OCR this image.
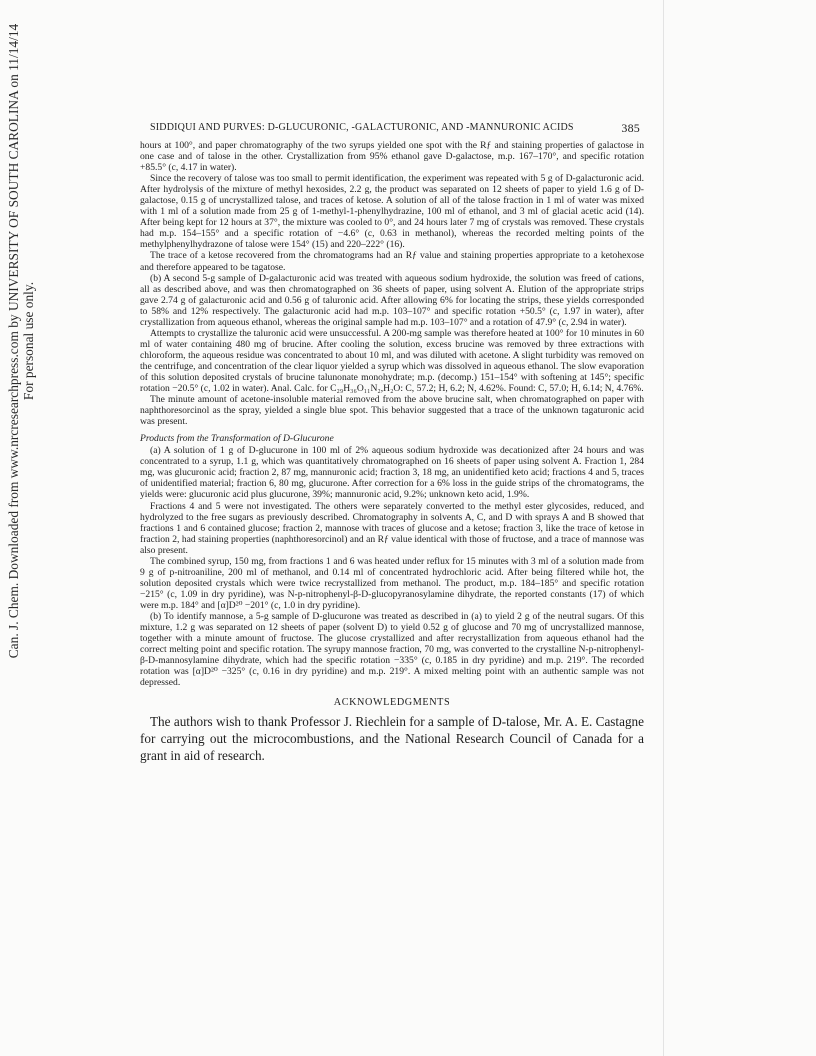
Can. J. Chem. Downloaded from www.nrcresearchpress.com by UNIVERSITY OF SOUTH CAROLINA on 11/14/14 For personal use only.
SIDDIQUI AND PURVES: D-GLUCURONIC, -GALACTURONIC, AND -MANNURONIC ACIDS	385

hours at 100°, and paper chromatography of the two syrups yielded one spot with the Rƒ and staining properties of galactose in one case and of talose in the other. Crystallization from 95% ethanol gave D-galactose, m.p. 167–170°, and specific rotation +85.5° (c, 4.17 in water).

Since the recovery of talose was too small to permit identification, the experiment was repeated with 5 g of D-galacturonic acid. After hydrolysis of the mixture of methyl hexosides, 2.2 g, the product was separated on 12 sheets of paper to yield 1.6 g of D-galactose, 0.15 g of uncrystallized talose, and traces of ketose. A solution of all of the talose fraction in 1 ml of water was mixed with 1 ml of a solution made from 25 g of 1-methyl-1-phenylhydrazine, 100 ml of ethanol, and 3 ml of glacial acetic acid (14). After being kept for 12 hours at 37°, the mixture was cooled to 0°, and 24 hours later 7 mg of crystals was removed. These crystals had m.p. 154–155° and a specific rotation of −4.6° (c, 0.63 in methanol), whereas the recorded melting points of the methylphenylhydrazone of talose were 154° (15) and 220–222° (16).

The trace of a ketose recovered from the chromatograms had an Rƒ value and staining properties appropriate to a ketohexose and therefore appeared to be tagatose.

(b) A second 5-g sample of D-galacturonic acid was treated with aqueous sodium hydroxide, the solution was freed of cations, all as described above, and was then chromatographed on 36 sheets of paper, using solvent A. Elution of the appropriate strips gave 2.74 g of galacturonic acid and 0.56 g of taluronic acid. After allowing 6% for locating the strips, these yields corresponded to 58% and 12% respectively. The galacturonic acid had m.p. 103–107° and specific rotation +50.5° (c, 1.97 in water), after crystallization from aqueous ethanol, whereas the original sample had m.p. 103–107° and a rotation of 47.9° (c, 2.94 in water).

Attempts to crystallize the taluronic acid were unsuccessful. A 200-mg sample was therefore heated at 100° for 10 minutes in 60 ml of water containing 480 mg of brucine. After cooling the solution, excess brucine was removed by three extractions with chloroform, the aqueous residue was concentrated to about 10 ml, and was diluted with acetone. A slight turbidity was removed on the centrifuge, and concentration of the clear liquor yielded a syrup which was dissolved in aqueous ethanol. The slow evaporation of this solution deposited crystals of brucine talunonate monohydrate; m.p. (decomp.) 151–154° with softening at 145°; specific rotation −20.5° (c, 1.02 in water). Anal. Calc. for C₂₉H₃₆O₁₁N₂,H₂O: C, 57.2; H, 6.2; N, 4.62%. Found: C, 57.0; H, 6.14; N, 4.76%.

The minute amount of acetone-insoluble material removed from the above brucine salt, when chromatographed on paper with naphthoresorcinol as the spray, yielded a single blue spot. This behavior suggested that a trace of the unknown tagaturonic acid was present.

Products from the Transformation of D-Glucurone

(a) A solution of 1 g of D-glucurone in 100 ml of 2% aqueous sodium hydroxide was decationized after 24 hours and was concentrated to a syrup, 1.1 g, which was quantitatively chromatographed on 16 sheets of paper using solvent A. Fraction 1, 284 mg, was glucuronic acid; fraction 2, 87 mg, mannuronic acid; fraction 3, 18 mg, an unidentified keto acid; fractions 4 and 5, traces of unidentified material; fraction 6, 80 mg, glucurone. After correction for a 6% loss in the guide strips of the chromatograms, the yields were: glucuronic acid plus glucurone, 39%; mannuronic acid, 9.2%; unknown keto acid, 1.9%.

Fractions 4 and 5 were not investigated. The others were separately converted to the methyl ester glycosides, reduced, and hydrolyzed to the free sugars as previously described. Chromatography in solvents A, C, and D with sprays A and B showed that fractions 1 and 6 contained glucose; fraction 2, mannose with traces of glucose and a ketose; fraction 3, like the trace of ketose in fraction 2, had staining properties (naphthoresorcinol) and an Rƒ value identical with those of fructose, and a trace of mannose was also present.

The combined syrup, 150 mg, from fractions 1 and 6 was heated under reflux for 15 minutes with 3 ml of a solution made from 9 g of p-nitroaniline, 200 ml of methanol, and 0.14 ml of concentrated hydrochloric acid. After being filtered while hot, the solution deposited crystals which were twice recrystallized from methanol. The product, m.p. 184–185° and specific rotation −215° (c, 1.09 in dry pyridine), was N-p-nitrophenyl-β-D-glucopyranosylamine dihydrate, the reported constants (17) of which were m.p. 184° and [α]D²⁰ −201° (c, 1.0 in dry pyridine).

(b) To identify mannose, a 5-g sample of D-glucurone was treated as described in (a) to yield 2 g of the neutral sugars. Of this mixture, 1.2 g was separated on 12 sheets of paper (solvent D) to yield 0.52 g of glucose and 70 mg of uncrystallized mannose, together with a minute amount of fructose. The glucose crystallized and after recrystallization from aqueous ethanol had the correct melting point and specific rotation. The syrupy mannose fraction, 70 mg, was converted to the crystalline N-p-nitrophenyl-β-D-mannosylamine dihydrate, which had the specific rotation −335° (c, 0.185 in dry pyridine) and m.p. 219°. The recorded rotation was [α]D²⁰ −325° (c, 0.16 in dry pyridine) and m.p. 219°. A mixed melting point with an authentic sample was not depressed.

ACKNOWLEDGMENTS

The authors wish to thank Professor J. Riechlein for a sample of D-talose, Mr. A. E. Castagne for carrying out the microcombustions, and the National Research Council of Canada for a grant in aid of research.
